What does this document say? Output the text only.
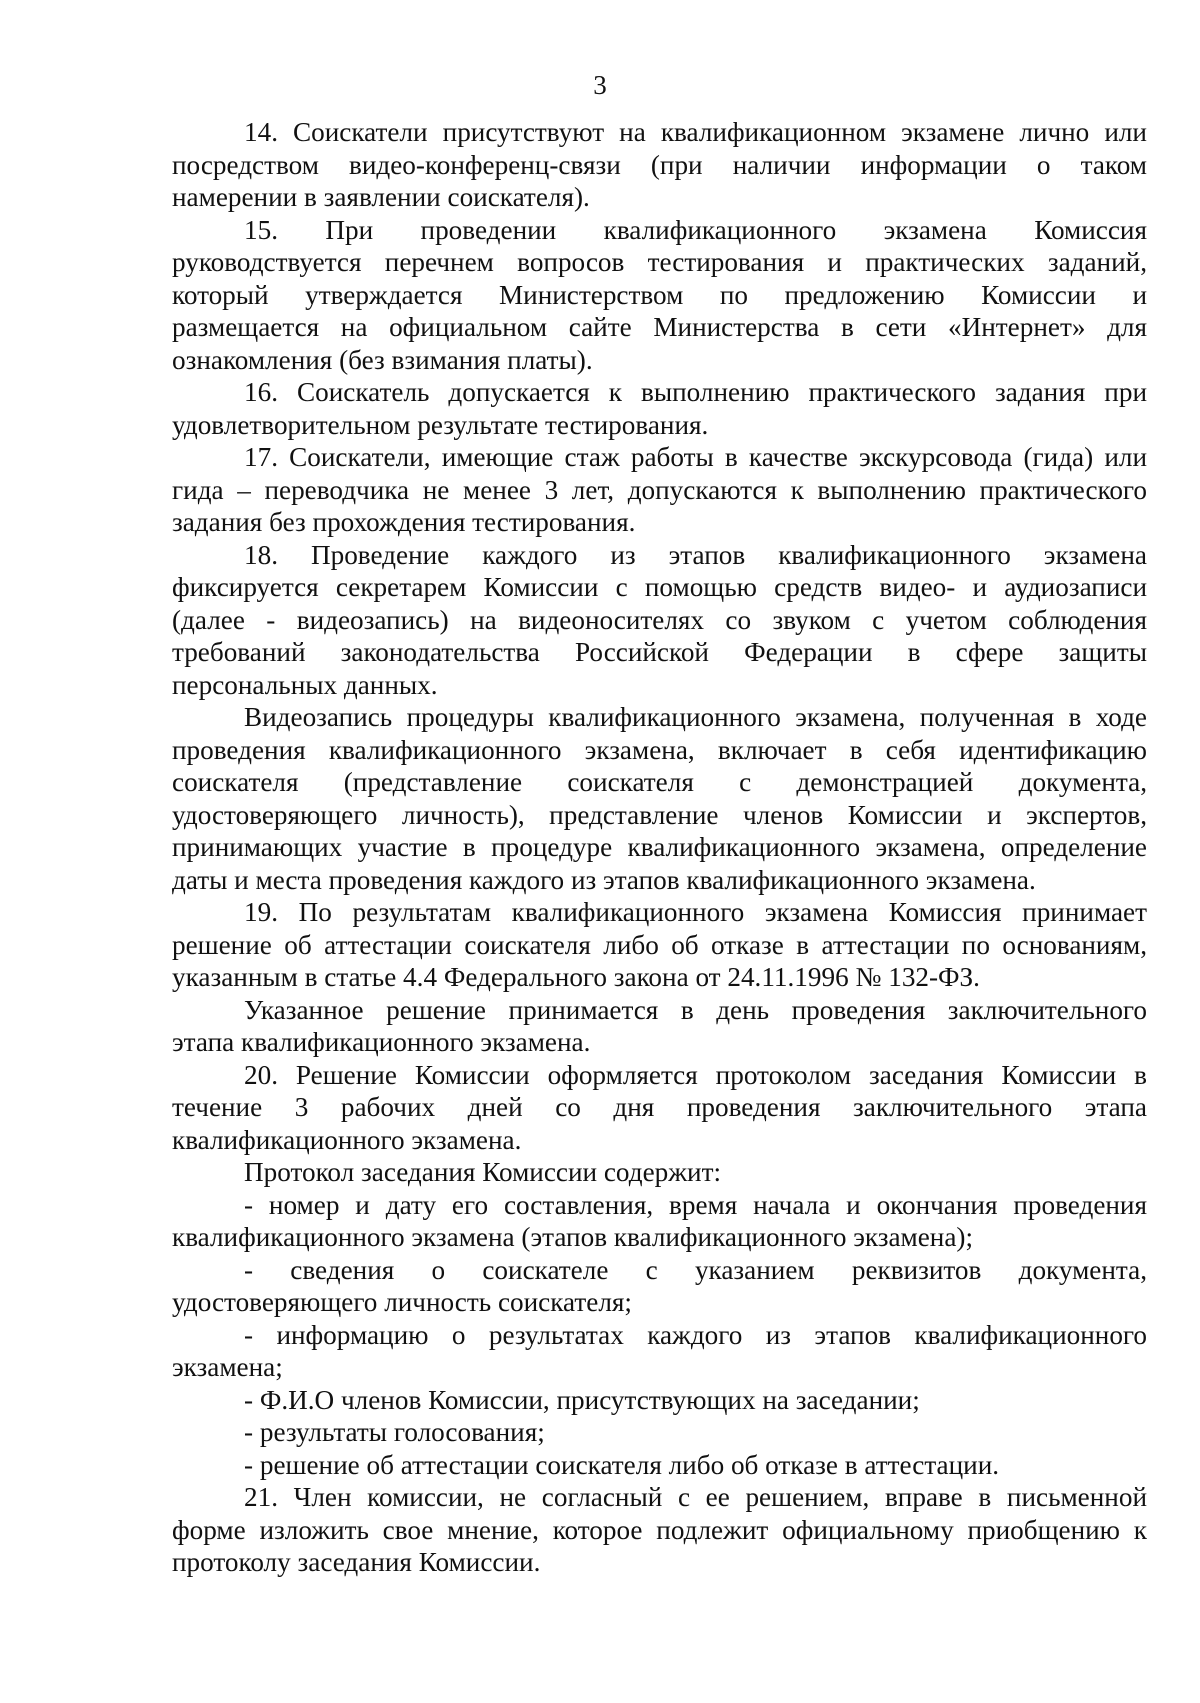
3
14. Соискатели присутствуют на квалификационном экзамене лично или
посредством видео-конференц-связи (при наличии информации о таком
намерении в заявлении соискателя).
15. При проведении квалификационного экзамена Комиссия
руководствуется перечнем вопросов тестирования и практических заданий,
который утверждается Министерством по предложению Комиссии и
размещается на официальном сайте Министерства в сети «Интернет» для
ознакомления (без взимания платы).
16. Соискатель допускается к выполнению практического задания при
удовлетворительном результате тестирования.
17. Соискатели, имеющие стаж работы в качестве экскурсовода (гида) или
гида – переводчика не менее 3 лет, допускаются к выполнению практического
задания без прохождения тестирования.
18. Проведение каждого из этапов квалификационного экзамена
фиксируется секретарем Комиссии с помощью средств видео- и аудиозаписи
(далее - видеозапись) на видеоносителях со звуком с учетом соблюдения
требований законодательства Российской Федерации в сфере защиты
персональных данных.
Видеозапись процедуры квалификационного экзамена, полученная в ходе
проведения квалификационного экзамена, включает в себя идентификацию
соискателя (представление соискателя с демонстрацией документа,
удостоверяющего личность), представление членов Комиссии и экспертов,
принимающих участие в процедуре квалификационного экзамена, определение
даты и места проведения каждого из этапов квалификационного экзамена.
19. По результатам квалификационного экзамена Комиссия принимает
решение об аттестации соискателя либо об отказе в аттестации по основаниям,
указанным в статье 4.4 Федерального закона от 24.11.1996 № 132-ФЗ.
Указанное решение принимается в день проведения заключительного
этапа квалификационного экзамена.
20. Решение Комиссии оформляется протоколом заседания Комиссии в
течение 3 рабочих дней со дня проведения заключительного этапа
квалификационного экзамена.
Протокол заседания Комиссии содержит:
- номер и дату его составления, время начала и окончания проведения
квалификационного экзамена (этапов квалификационного экзамена);
- сведения о соискателе с указанием реквизитов документа,
удостоверяющего личность соискателя;
- информацию о результатах каждого из этапов квалификационного
экзамена;
- Ф.И.О членов Комиссии, присутствующих на заседании;
- результаты голосования;
- решение об аттестации соискателя либо об отказе в аттестации.
21. Член комиссии, не согласный с ее решением, вправе в письменной
форме изложить свое мнение, которое подлежит официальному приобщению к
протоколу заседания Комиссии.
